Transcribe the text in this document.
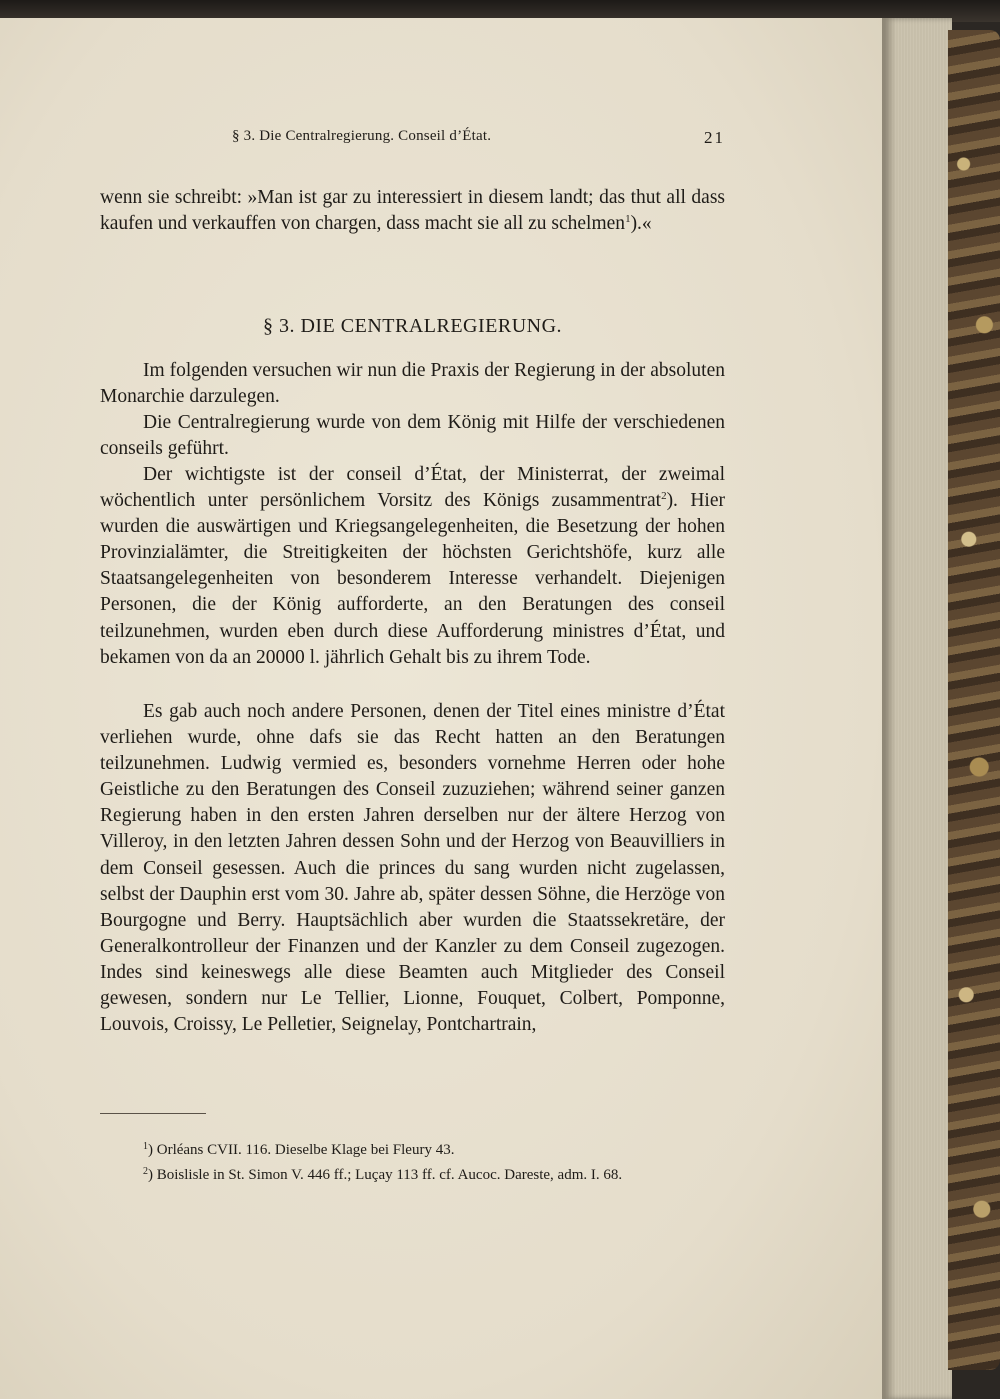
§ 3. Die Centralregierung. Conseil d’État.	21

wenn sie schreibt: »Man ist gar zu interessiert in diesem landt; das thut all dass kaufen und verkauffen von chargen, dass macht sie all zu schelmen$^1$).«

§ 3. DIE CENTRALREGIERUNG.

Im folgenden versuchen wir nun die Praxis der Regierung in der absoluten Monarchie darzulegen.

Die Centralregierung wurde von dem König mit Hilfe der verschiedenen conseils geführt.

Der wichtigste ist der conseil d’État, der Ministerrat, der zweimal wöchentlich unter persönlichem Vorsitz des Königs zusammentrat$^2$). Hier wurden die auswärtigen und Kriegsangelegenheiten, die Besetzung der hohen Provinzialämter, die Streitigkeiten der höchsten Gerichtshöfe, kurz alle Staatsangelegenheiten von besonderem Interesse verhandelt. Diejenigen Personen, die der König aufforderte, an den Beratungen des conseil teilzunehmen, wurden eben durch diese Aufforderung ministres d’État, und bekamen von da an 20000 l. jährlich Gehalt bis zu ihrem Tode.

Es gab auch noch andere Personen, denen der Titel eines ministre d’État verliehen wurde, ohne dafs sie das Recht hatten an den Beratungen teilzunehmen. Ludwig vermied es, besonders vornehme Herren oder hohe Geistliche zu den Beratungen des Conseil zuzuziehen; während seiner ganzen Regierung haben in den ersten Jahren derselben nur der ältere Herzog von Villeroy, in den letzten Jahren dessen Sohn und der Herzog von Beauvilliers in dem Conseil gesessen. Auch die princes du sang wurden nicht zugelassen, selbst der Dauphin erst vom 30. Jahre ab, später dessen Söhne, die Herzöge von Bourgogne und Berry. Hauptsächlich aber wurden die Staatssekretäre, der Generalkontrolleur der Finanzen und der Kanzler zu dem Conseil zugezogen. Indes sind keineswegs alle diese Beamten auch Mitglieder des Conseil gewesen, sondern nur Le Tellier, Lionne, Fouquet, Colbert, Pomponne, Louvois, Croissy, Le Pelletier, Seignelay, Pontchartrain,

$^1$) Orléans CVII. 116. Dieselbe Klage bei Fleury 43.

$^2$) Boislisle in St. Simon V. 446 ff.; Luçay 113 ff. cf. Aucoc. Dareste, adm. I. 68.
